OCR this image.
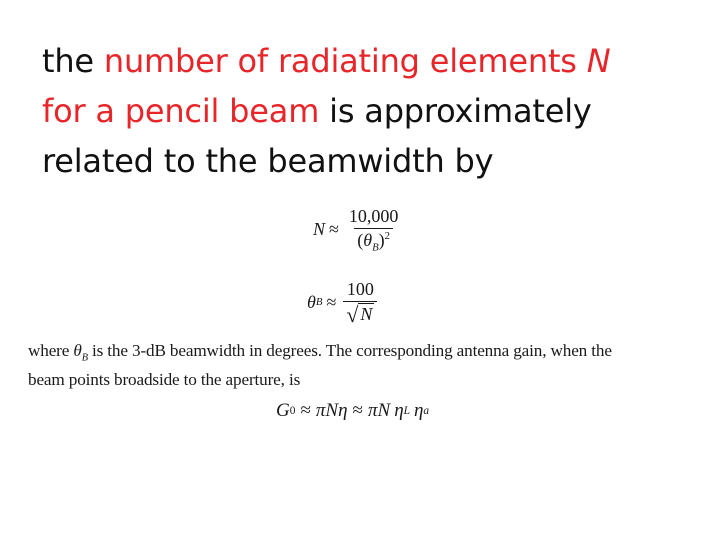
the number of radiating elements N
for a pencil beam is approximately
related to the beamwidth by
$N \approx \frac{10,000}{(\theta_B)^2}$
θ $B \approx \frac{100}{√ N}$
where $\theta_B$ is the 3-dB beamwidth in degrees. The corresponding antenna gain, when the
beam points broadside to the aperture, is
G 0 ≈ π N η ≈ π N η L η a
